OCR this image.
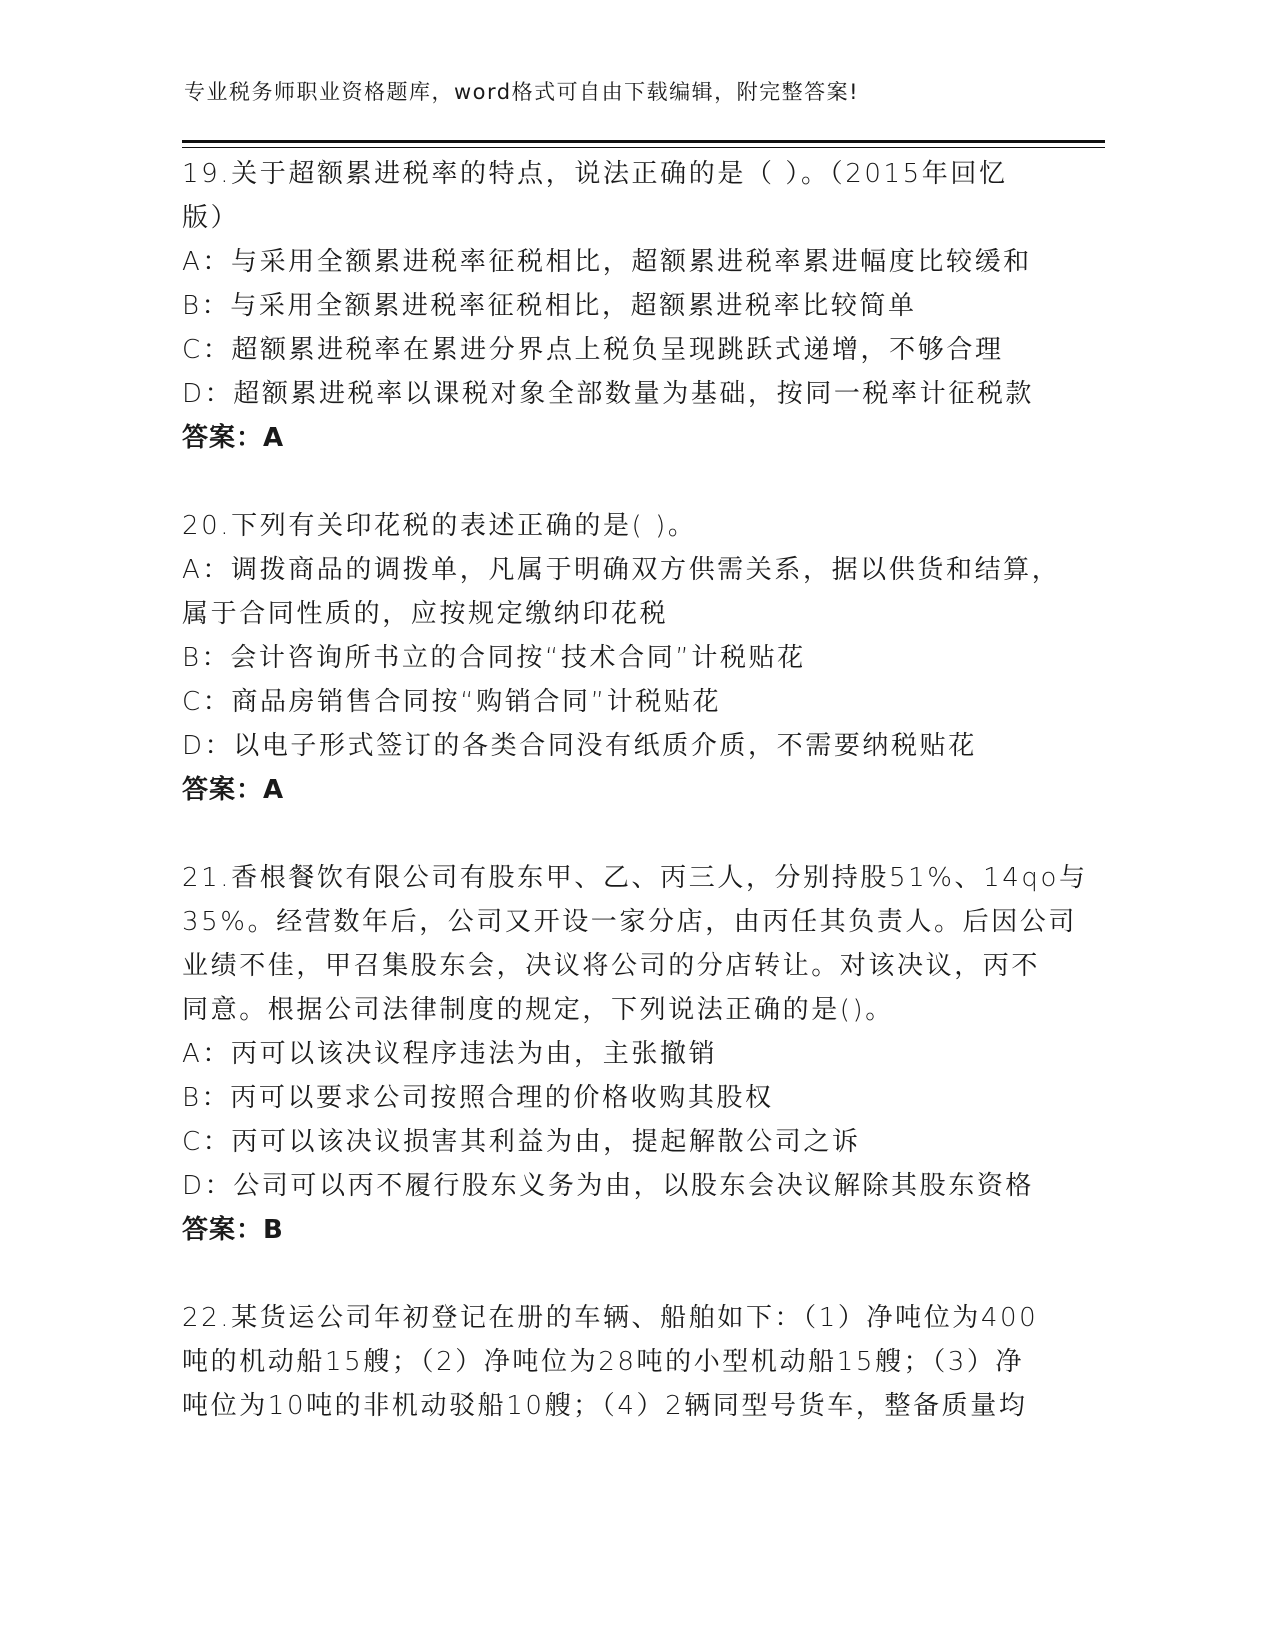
专业税务师职业资格题库，word格式可自由下载编辑，附完整答案!
19.关于超额累进税率的特点，说法正确的是（ ）。（2015年回忆
版）
A：与采用全额累进税率征税相比，超额累进税率累进幅度比较缓和
B：与采用全额累进税率征税相比，超额累进税率比较简单
C：超额累进税率在累进分界点上税负呈现跳跃式递增，不够合理
D：超额累进税率以课税对象全部数量为基础，按同一税率计征税款
答案：A
20.下列有关印花税的表述正确的是( )。
A：调拨商品的调拨单，凡属于明确双方供需关系，据以供货和结算，
属于合同性质的，应按规定缴纳印花税
B：会计咨询所书立的合同按“技术合同”计税贴花
C：商品房销售合同按“购销合同”计税贴花
D：以电子形式签订的各类合同没有纸质介质，不需要纳税贴花
答案：A
21.香根餐饮有限公司有股东甲、乙、丙三人，分别持股51%、14qo与
35%。经营数年后，公司又开设一家分店，由丙任其负责人。后因公司
业绩不佳，甲召集股东会，决议将公司的分店转让。对该决议，丙不
同意。根据公司法律制度的规定，下列说法正确的是()。
A：丙可以该决议程序违法为由，主张撤销
B：丙可以要求公司按照合理的价格收购其股权
C：丙可以该决议损害其利益为由，提起解散公司之诉
D：公司可以丙不履行股东义务为由，以股东会决议解除其股东资格
答案：B
22.某货运公司年初登记在册的车辆、船舶如下：（1）净吨位为400
吨的机动船15艘；（2）净吨位为28吨的小型机动船15艘；（3）净
吨位为10吨的非机动驳船10艘；（4）2辆同型号货车，整备质量均
